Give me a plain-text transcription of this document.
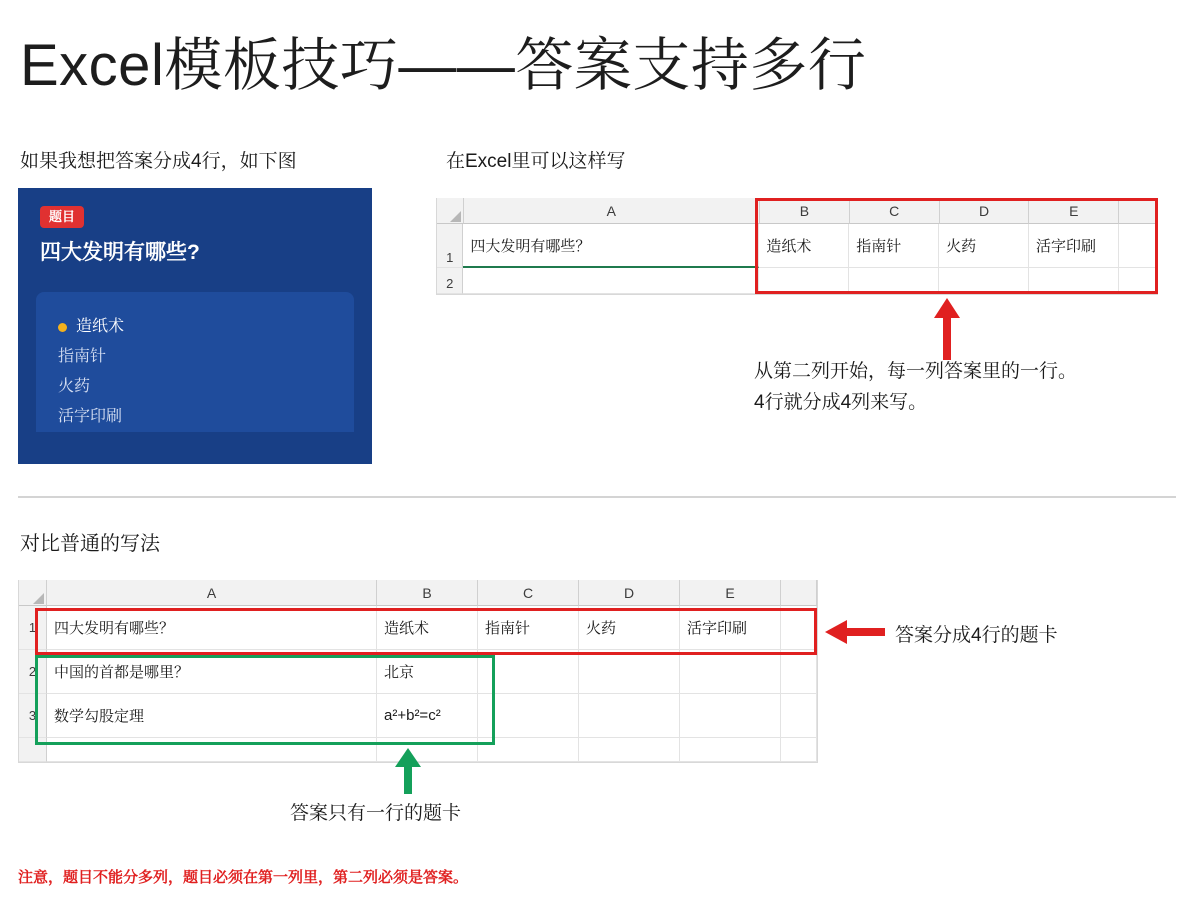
Excel模板技巧——答案支持多行
如果我想把答案分成4行，如下图	在Excel里可以这样写
题目
四大发明有哪些?
造纸术
指南针
火药
活字印刷
A	B	C	D	E
1
四大发明有哪些？	造纸术	指南针	火药	活字印刷
2
从第二列开始，每一列答案里的一行。
4行就分成4列来写。
对比普通的写法
A	B	C	D	E
1	四大发明有哪些？	造纸术	指南针	火药	活字印刷
2	中国的首都是哪里？	北京
3	数学勾股定理	a²+b²=c²
答案分成4行的题卡
答案只有一行的题卡
注意，题目不能分多列，题目必须在第一列里，第二列必须是答案。
